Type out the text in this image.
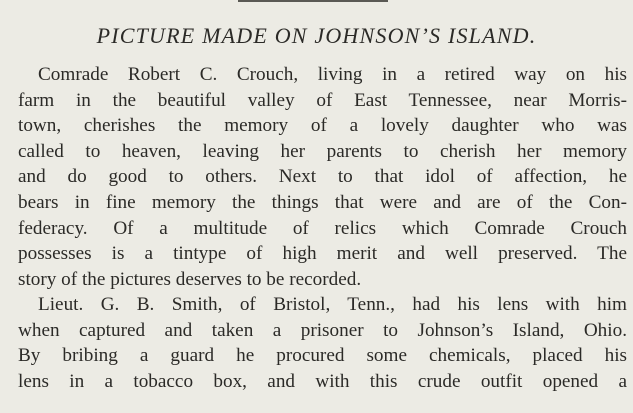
PICTURE MADE ON JOHNSON’S ISLAND.
Comrade Robert C. Crouch, living in a retired way on his
farm in the beautiful valley of East Tennessee, near Morris-
town, cherishes the memory of a lovely daughter who was
called to heaven, leaving her parents to cherish her memory
and do good to others. Next to that idol of affection, he
bears in fine memory the things that were and are of the Con-
federacy. Of a multitude of relics which Comrade Crouch
possesses is a tintype of high merit and well preserved. The
story of the pictures deserves to be recorded.
Lieut. G. B. Smith, of Bristol, Tenn., had his lens with him
when captured and taken a prisoner to Johnson’s Island, Ohio.
By bribing a guard he procured some chemicals, placed his
lens in a tobacco box, and with this crude outfit opened a
